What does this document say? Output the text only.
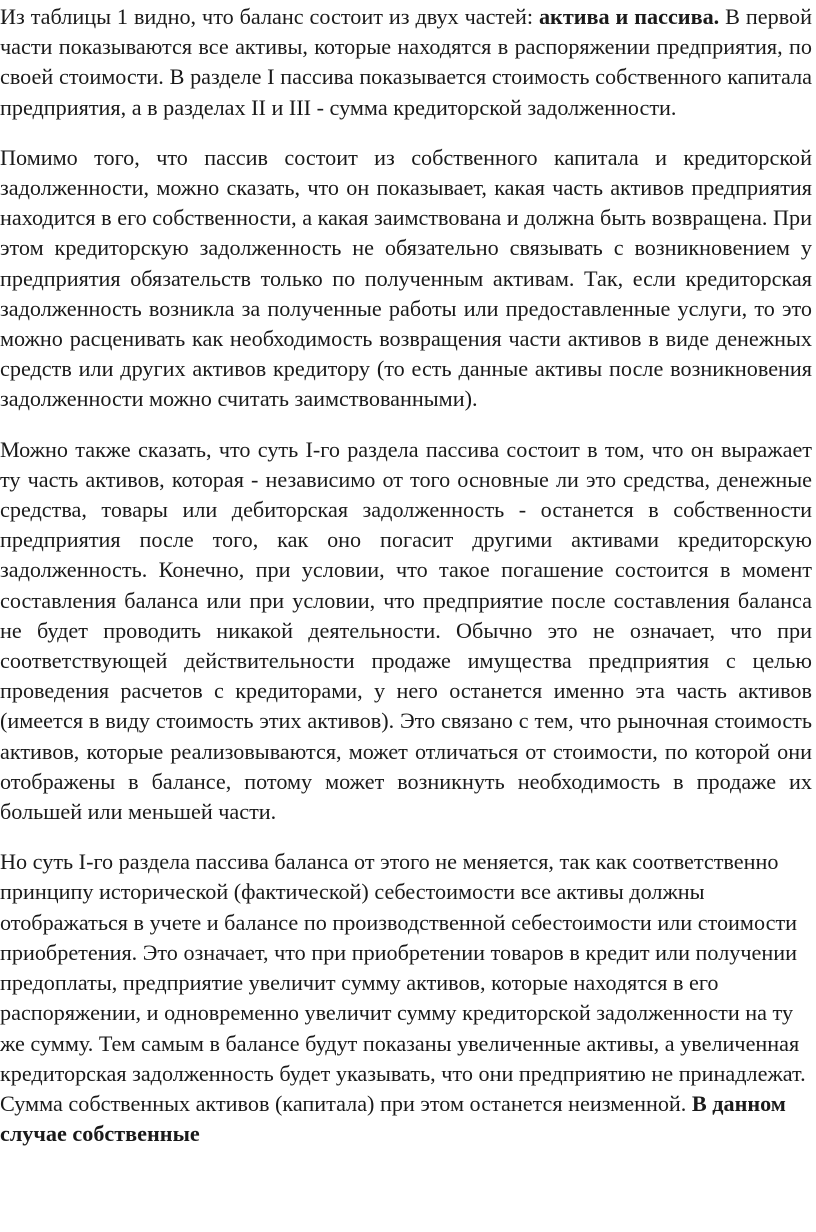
Из таблицы 1 видно, что баланс состоит из двух частей: актива и пассива. В первой части показываются все активы, которые находятся в распоряжении предприятия, по своей стоимости. В разделе I пассива показывается стоимость собственного капитала предприятия, а в разделах II и III - сумма кредиторской задолженности.

Помимо того, что пассив состоит из собственного капитала и кредиторской задолженности, можно сказать, что он показывает, какая часть активов предприятия находится в его собственности, а какая заимствована и должна быть возвращена. При этом кредиторскую задолженность не обязательно связывать с возникновением у предприятия обязательств только по полученным активам. Так, если кредиторская задолженность возникла за полученные работы или предоставленные услуги, то это можно расценивать как необходимость возвращения части активов в виде денежных средств или других активов кредитору (то есть данные активы после возникновения задолженности можно считать заимствованными).

Можно также сказать, что суть I-го раздела пассива состоит в том, что он выражает ту часть активов, которая - независимо от того основные ли это средства, денежные средства, товары или дебиторская задолженность - останется в собственности предприятия после того, как оно погасит другими активами кредиторскую задолженность. Конечно, при условии, что такое погашение состоится в момент составления баланса или при условии, что предприятие после составления баланса не будет проводить никакой деятельности. Обычно это не означает, что при соответствующей действительности продаже имущества предприятия с целью проведения расчетов с кредиторами, у него останется именно эта часть активов (имеется в виду стоимость этих активов). Это связано с тем, что рыночная стоимость активов, которые реализовываются, может отличаться от стоимости, по которой они отображены в балансе, потому может возникнуть необходимость в продаже их большей или меньшей части.

Но суть I-го раздела пассива баланса от этого не меняется, так как соответственно принципу исторической (фактической) себестоимости все активы должны отображаться в учете и балансе по производственной себестоимости или стоимости приобретения. Это означает, что при приобретении товаров в кредит или получении предоплаты, предприятие увеличит сумму активов, которые находятся в его распоряжении, и одновременно увеличит сумму кредиторской задолженности на ту же сумму. Тем самым в балансе будут показаны увеличенные активы, а увеличенная кредиторская задолженность будет указывать, что они предприятию не принадлежат. Сумма собственных активов (капитала) при этом останется неизменной. В данном случае собственные
